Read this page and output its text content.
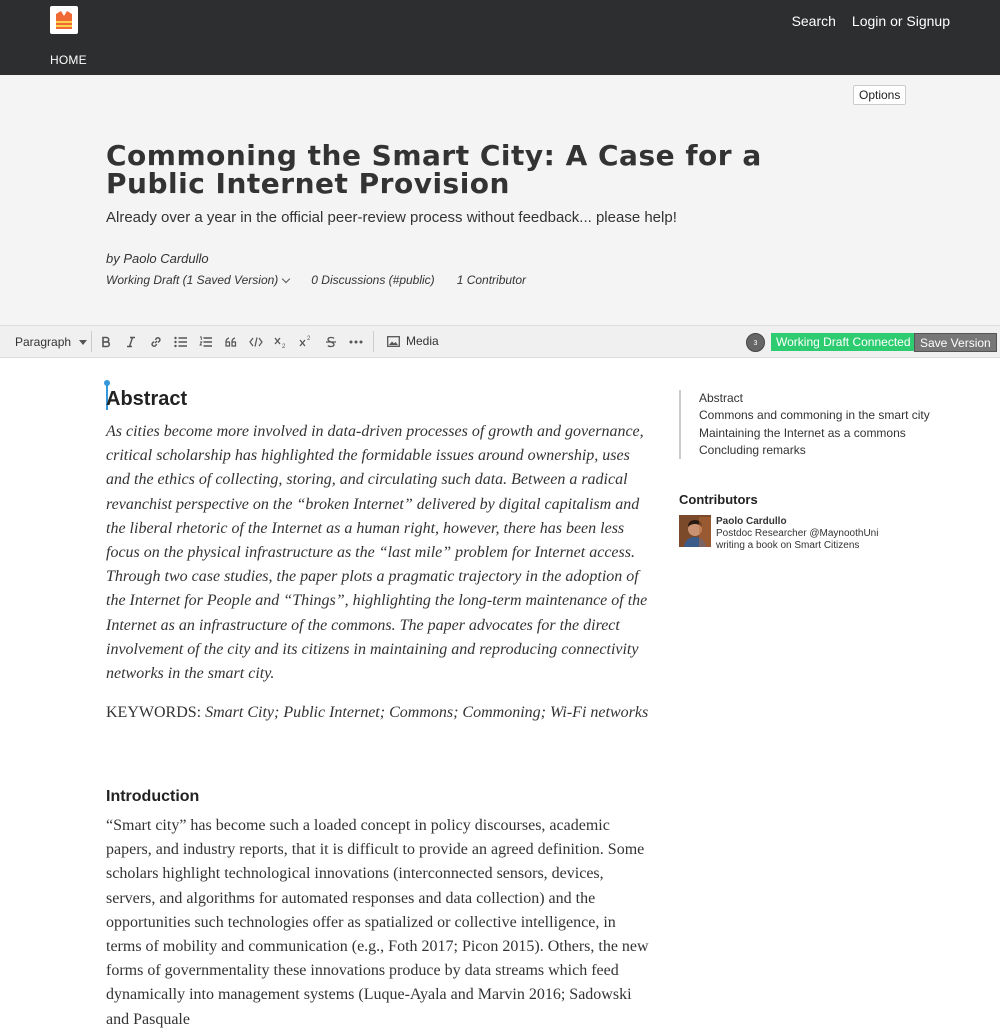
Search Login or Signup
HOME
Options
Commoning the Smart City: A Case for a Public Internet Provision
Already over a year in the official peer-review process without feedback... please help!
by Paolo Cardullo
Working Draft (1 Saved Version)	0 Discussions (#public) 1 Contributor
Paragraph	2
2	Media	3	Working Draft Connected Save Version
Abstract
As cities become more involved in data-driven processes of growth and governance, critical scholarship has highlighted the formidable issues around ownership, uses and the ethics of collecting, storing, and circulating such data. Between a radical revanchist perspective on the “broken Internet” delivered by digital capitalism and the liberal rhetoric of the Internet as a human right, however, there has been less focus on the physical infrastructure as the “last mile” problem for Internet access. Through two case studies, the paper plots a pragmatic trajectory in the adoption of the Internet for People and “Things”, highlighting the long-term maintenance of the Internet as an infrastructure of the commons. The paper advocates for the direct involvement of the city and its citizens in maintaining and reproducing connectivity networks in the smart city.
KEYWORDS: Smart City; Public Internet; Commons; Commoning; Wi-Fi networks
Introduction
“Smart city” has become such a loaded concept in policy discourses, academic papers, and industry reports, that it is difficult to provide an agreed definition. Some scholars highlight technological innovations (interconnected sensors, devices, servers, and algorithms for automated responses and data collection) and the opportunities such technologies offer as spatialized or collective intelligence, in terms of mobility and communication (e.g., Foth 2017; Picon 2015). Others, the new forms of governmentality these innovations produce by data streams which feed dynamically into management systems (Luque-Ayala and Marvin 2016; Sadowski and Pasquale
Abstract
Commons and commoning in the smart city
Maintaining the Internet as a commons
Concluding remarks
Contributors
Paolo Cardullo
Postdoc Researcher @MaynoothUni
writing a book on Smart Citizens
